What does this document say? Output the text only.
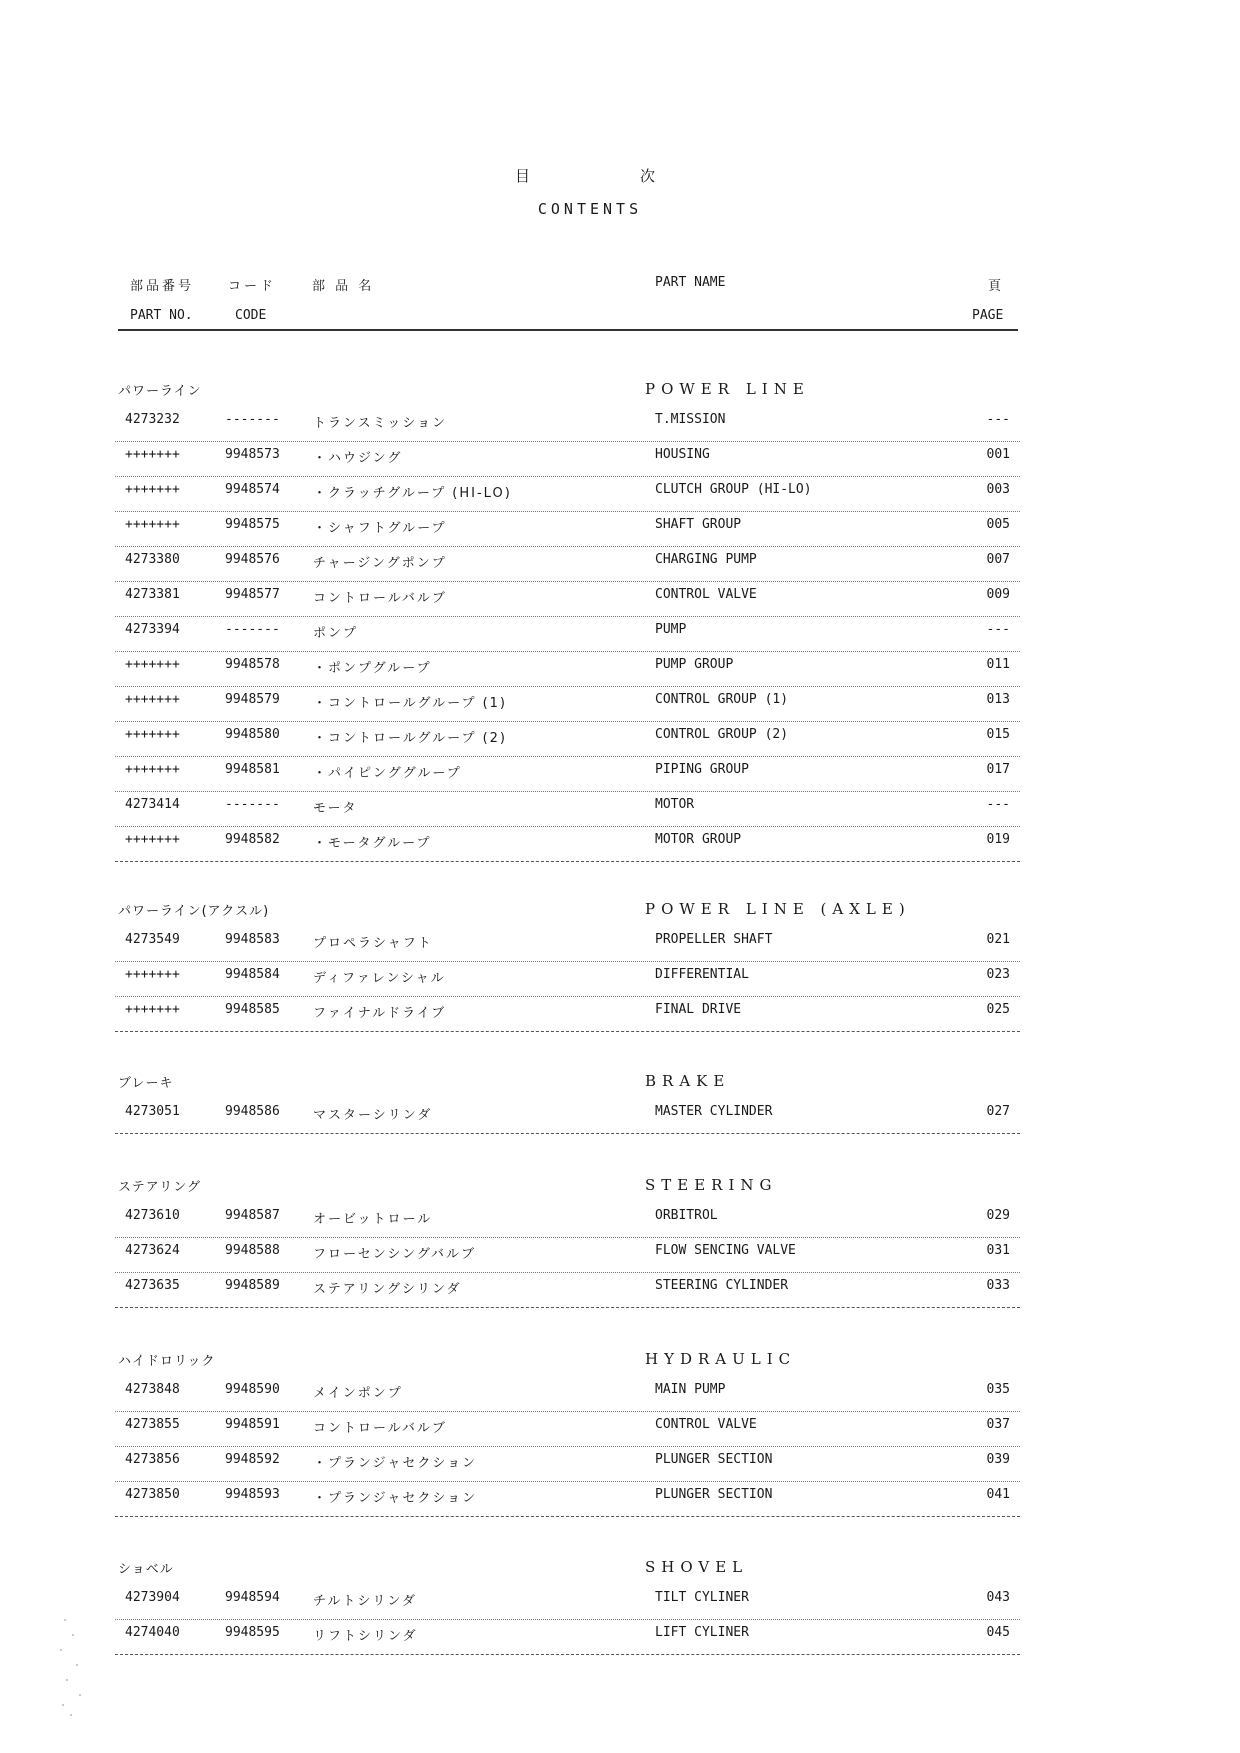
目	次
CONTENTS
部品番号	コード	部 品 名	PART NAME	頁
PART NO.	CODE	PAGE
パワーライン	POWER LINE
4273232	-------	トランスミッション	T.MISSION	---
+++++++	9948573	・ハウジング	HOUSING	001
+++++++	9948574	・クラッチグループ (HI-LO)	CLUTCH GROUP (HI-LO)	003
+++++++	9948575	・シャフトグループ	SHAFT GROUP	005
4273380	9948576	チャージングポンプ	CHARGING PUMP	007
4273381	9948577	コントロールバルブ	CONTROL VALVE	009
4273394	-------	ポンプ	PUMP	---
+++++++	9948578	・ポンプグループ	PUMP GROUP	011
+++++++	9948579	・コントロールグループ (1)	CONTROL GROUP (1)	013
+++++++	9948580	・コントロールグループ (2)	CONTROL GROUP (2)	015
+++++++	9948581	・パイピンググループ	PIPING GROUP	017
4273414	-------	モータ	MOTOR	---
+++++++	9948582	・モータグループ	MOTOR GROUP	019
パワーライン(アクスル)	POWER LINE (AXLE)
4273549	9948583	プロペラシャフト	PROPELLER SHAFT	021
+++++++	9948584	ディファレンシャル	DIFFERENTIAL	023
+++++++	9948585	ファイナルドライブ	FINAL DRIVE	025
ブレーキ	BRAKE
4273051	9948586	マスターシリンダ	MASTER CYLINDER	027
ステアリング	STEERING
4273610	9948587	オービットロール	ORBITROL	029
4273624	9948588	フローセンシングバルブ	FLOW SENCING VALVE	031
4273635	9948589	ステアリングシリンダ	STEERING CYLINDER	033
ハイドロリック	HYDRAULIC
4273848	9948590	メインポンプ	MAIN PUMP	035
4273855	9948591	コントロールバルブ	CONTROL VALVE	037
4273856	9948592	・プランジャセクション	PLUNGER SECTION	039
4273850	9948593	・プランジャセクション	PLUNGER SECTION	041
ショベル	SHOVEL
4273904	9948594	チルトシリンダ	TILT CYLINER	043
4274040	9948595	リフトシリンダ	LIFT CYLINER	045
